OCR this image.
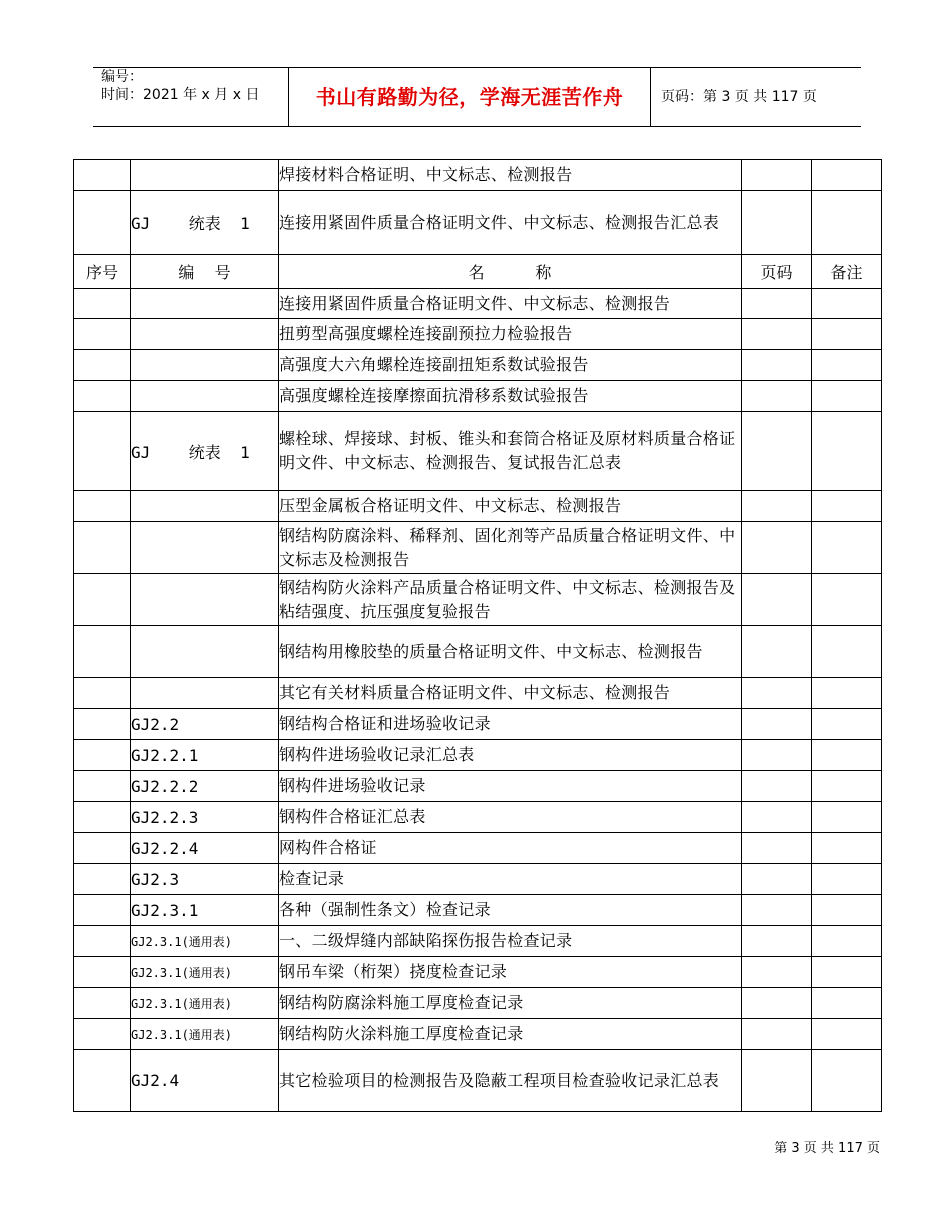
编号：
时间：2021 年 x 月 x 日	书山有路勤为径，学海无涯苦作舟	页码：第 3 页 共 117 页
		焊接材料合格证明、中文标志、检测报告		
	GJ    统表  1	连接用紧固件质量合格证明文件、中文标志、检测报告汇总表		
序号	编    号	名          称	页码	备注
		连接用紧固件质量合格证明文件、中文标志、检测报告		
		扭剪型高强度螺栓连接副预拉力检验报告		
		高强度大六角螺栓连接副扭矩系数试验报告		
		高强度螺栓连接摩擦面抗滑移系数试验报告		
	GJ    统表  1	螺栓球、焊接球、封板、锥头和套筒合格证及原材料质量合格证明文件、中文标志、检测报告、复试报告汇总表		
		压型金属板合格证明文件、中文标志、检测报告		
		钢结构防腐涂料、稀释剂、固化剂等产品质量合格证明文件、中文标志及检测报告		
		钢结构防火涂料产品质量合格证明文件、中文标志、检测报告及粘结强度、抗压强度复验报告		
		钢结构用橡胶垫的质量合格证明文件、中文标志、检测报告		
		其它有关材料质量合格证明文件、中文标志、检测报告		
	GJ2.2	钢结构合格证和进场验收记录		
	GJ2.2.1	钢构件进场验收记录汇总表		
	GJ2.2.2	钢构件进场验收记录		
	GJ2.2.3	钢构件合格证汇总表		
	GJ2.2.4	网构件合格证		
	GJ2.3	检查记录		
	GJ2.3.1	各种（强制性条文）检查记录		
	GJ2.3.1(通用表)	一、二级焊缝内部缺陷探伤报告检查记录		
	GJ2.3.1(通用表)	钢吊车梁（桁架）挠度检查记录		
	GJ2.3.1(通用表)	钢结构防腐涂料施工厚度检查记录		
	GJ2.3.1(通用表)	钢结构防火涂料施工厚度检查记录		
	GJ2.4	其它检验项目的检测报告及隐蔽工程项目检查验收记录汇总表		
第 3 页 共 117 页
